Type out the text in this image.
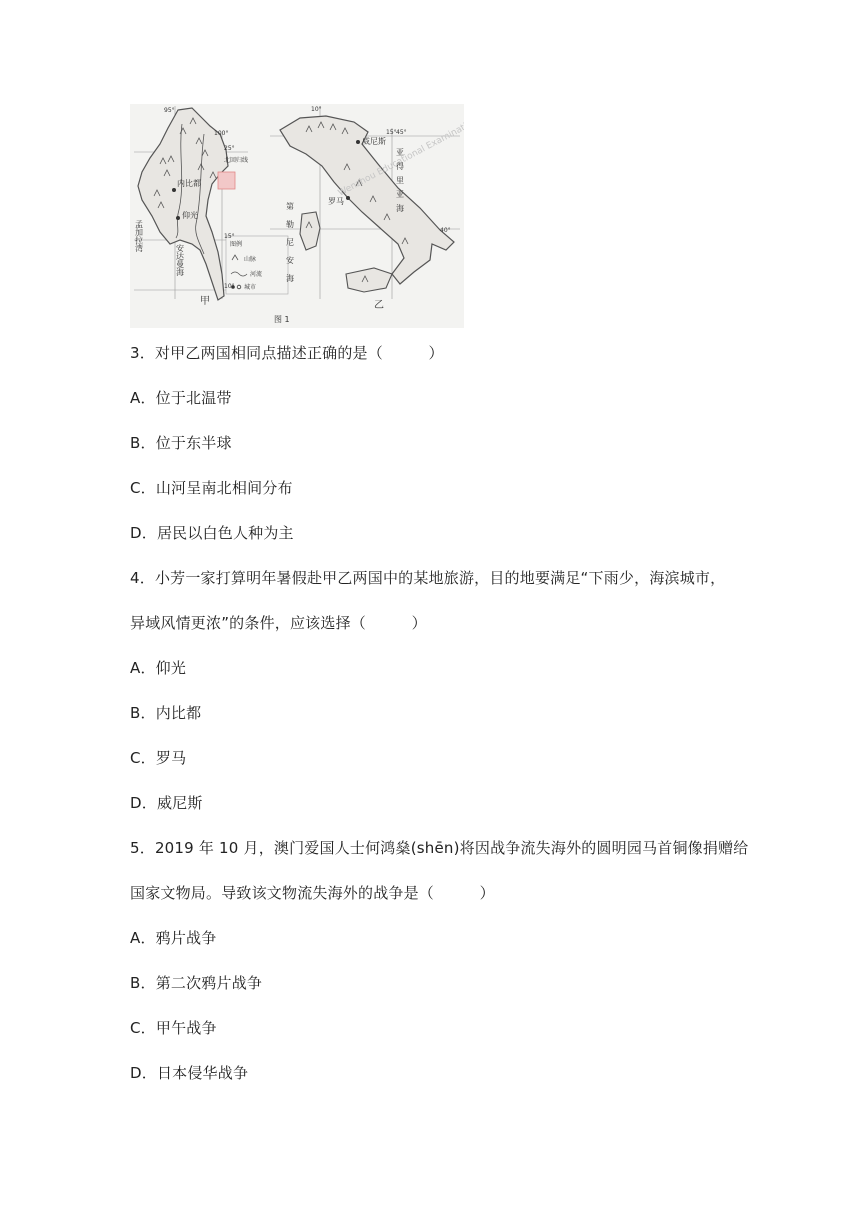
95°
100°
25°
北回归线
15°
10°
内比都
仰光
孟加拉湾
安达曼海
甲	乙
图 1
10°
15° 45°
40°
威尼斯
罗马	亚得里亚海
第勒尼安海
图例
山脉
河流
城市
3．对甲乙两国相同点描述正确的是（　　　）
A．位于北温带
B．位于东半球
C．山河呈南北相间分布
D．居民以白色人种为主
4．小芳一家打算明年暑假赴甲乙两国中的某地旅游，目的地要满足“下雨少，海滨城市，
异域风情更浓”的条件，应该选择（　　　）
A．仰光
B．内比都
C．罗马
D．威尼斯
5．2019 年 10 月，澳门爱国人士何鸿燊(shēn)将因战争流失海外的圆明园马首铜像捐赠给
国家文物局。导致该文物流失海外的战争是（　　　）
A．鸦片战争
B．第二次鸦片战争
C．甲午战争
D．日本侵华战争
